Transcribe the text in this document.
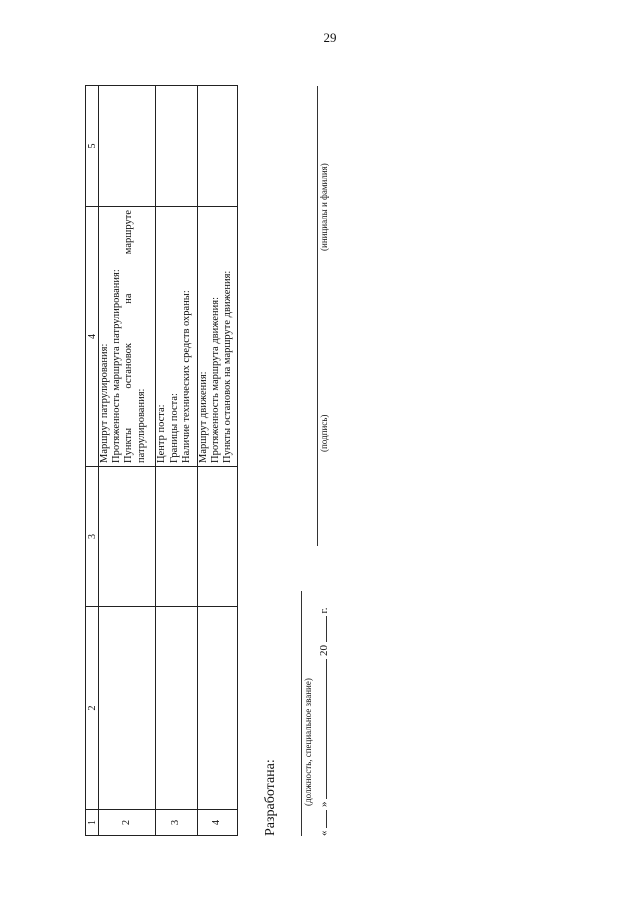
29
1	2	3	4	5
2			Маршрут патрулирования: Протяженность маршрута патрулирования: Пункты остановок на маршруте патрулирования:	

3			Центр поста: Границы поста: Наличие технических средств охраны:	

4			Маршрут движения: Протяженность маршрута движения: Пункты остановок на маршруте движения:	

Разработана:	(должность, специальное звание)
«  »  20  г.
(подпись)
(инициалы и фамилия)
